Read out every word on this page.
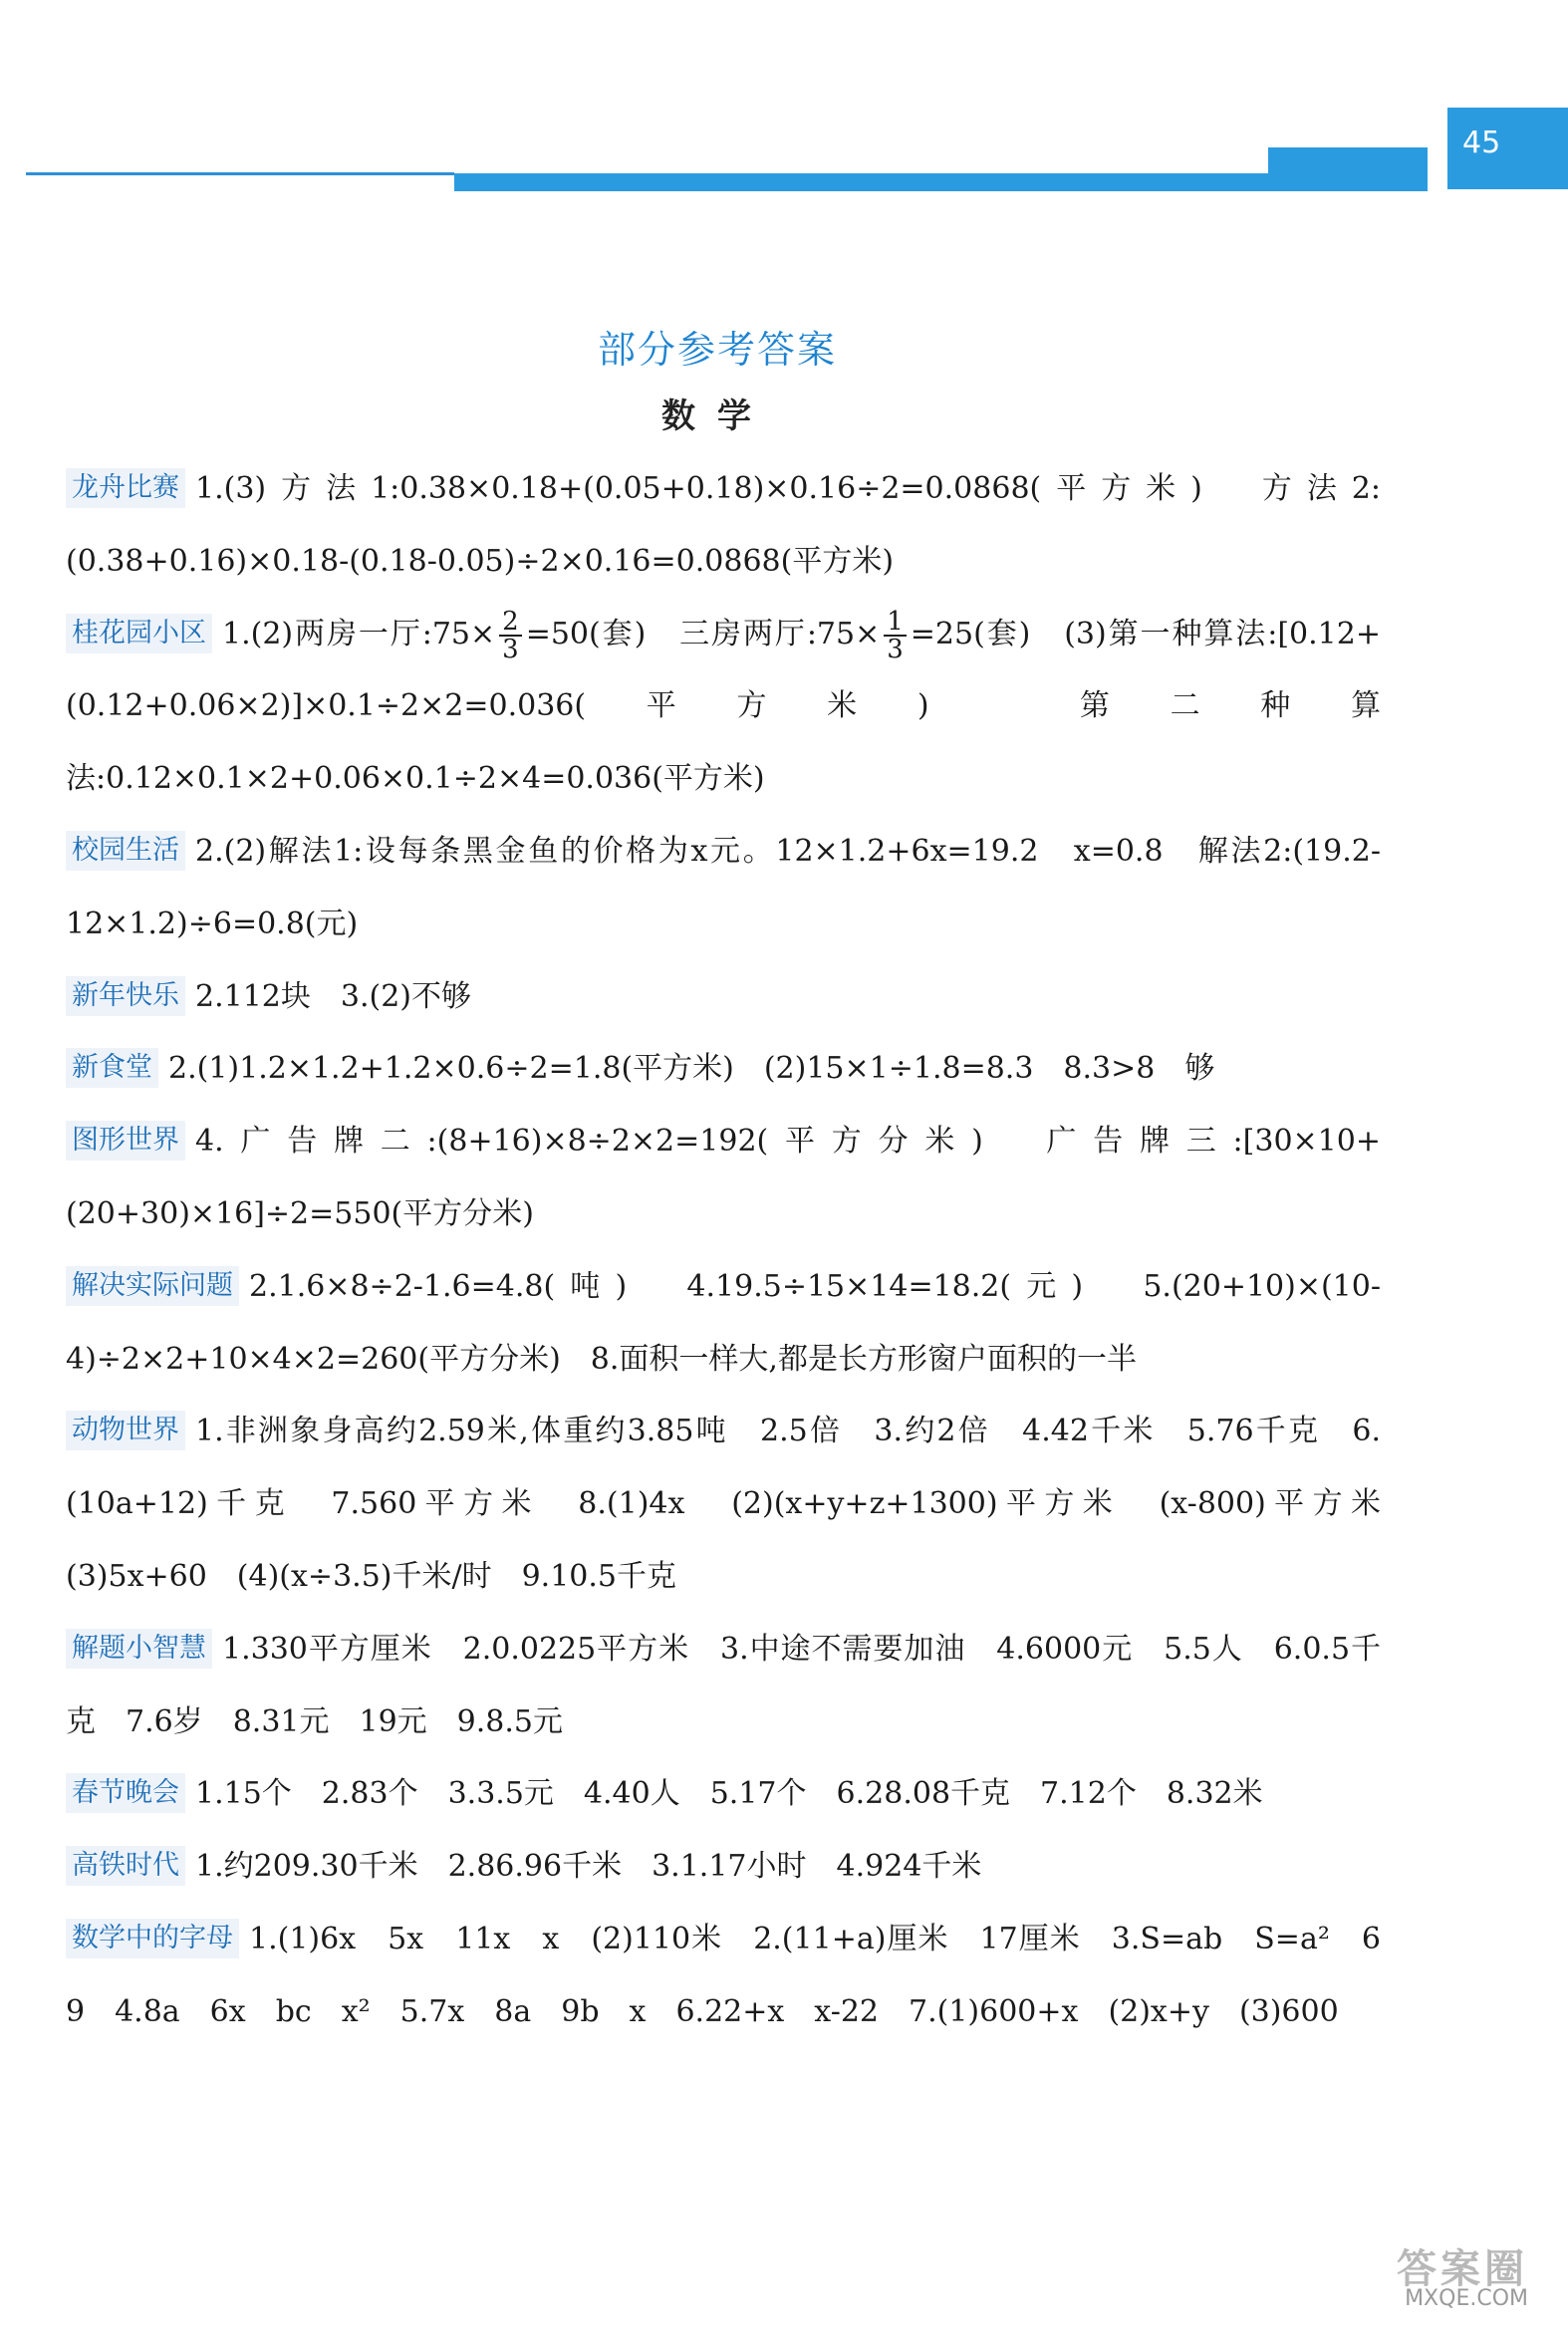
45
部分参考答案
数学
龙舟比赛 1.(3)方法1:0.38×0.18+(0.05+0.18)×0.16÷2=0.0868(平方米)　方法2:(0.38+0.16)×0.18-(0.18-0.05)÷2×0.16=0.0868(平方米)
桂花园小区 1.(2)两房一厅:75× $\frac{2}{3} =50$(套)　三房两厅:75× $\frac{1}{3} =25$(套)　(3)第一种算法:[0.12+(0.12+0.06×2)]×0.1÷2×2=0.036(平方米)　第二种算法:0.12×0.1×2+0.06×0.1÷2×4=0.036(平方米)
校园生活 2.(2)解法1:设每条黑金鱼的价格为x元。12×1.2+6x=19.2　x=0.8　解法2:(19.2-12×1.2)÷6=0.8(元)
新年快乐 2.112块　3.(2)不够
新食堂 2.(1)1.2×1.2+1.2×0.6÷2=1.8(平方米)　(2)15×1÷1.8=8.3　8.3>8　够
图形世界 4.广告牌二:(8+16)×8÷2×2=192(平方分米)　广告牌三:[30×10+(20+30)×16]÷2=550(平方分米)
解决实际问题 2.1.6×8÷2-1.6=4.8(吨)　4.19.5÷15×14=18.2(元)　5.(20+10)×(10-4)÷2×2+10×4×2=260(平方分米)　8.面积一样大,都是长方形窗户面积的一半
动物世界 1.非洲象身高约2.59米,体重约3.85吨　2.5倍　3.约2倍　4.42千米　5.76千克　6.(10a+12)千克　7.560平方米　8.(1)4x　(2)(x+y+z+1300)平方米　(x-800)平方米　(3)5x+60　(4)(x÷3.5)千米/时　9.10.5千克
解题小智慧 1.330平方厘米　2.0.0225平方米　3.中途不需要加油　4.6000元　5.5人　6.0.5千克　7.6岁　8.31元　19元　9.8.5元
春节晚会 1.15个　2.83个　3.3.5元　4.40人　5.17个　6.28.08千克　7.12个　8.32米
高铁时代 1.约209.30千米　2.86.96千米　3.1.17小时　4.924千米
数学中的字母 1.(1)6x　5x　11x　x　(2)110米　2.(11+a)厘米　17厘米　3.S=ab　S=a²　6　9　4.8a　6x　bc　x²　5.7x　8a　9b　x　6.22+x　x-22　7.(1)600+x　(2)x+y　(3)600
答案圈
MXQE.COM
